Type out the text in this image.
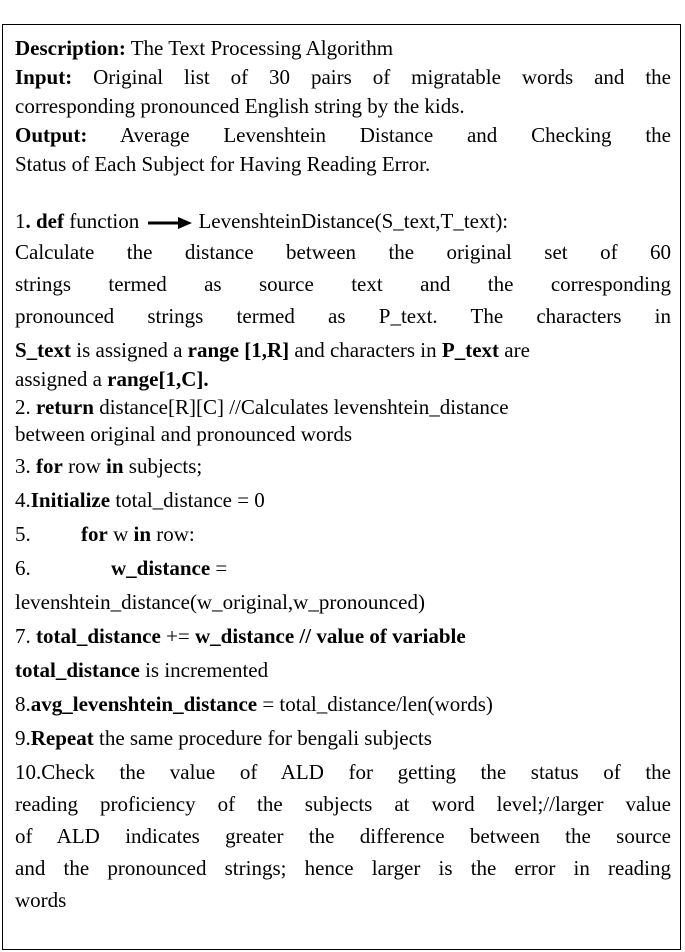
Description: The Text Processing Algorithm
Input: Original list of 30 pairs of migratable words and the
corresponding pronounced English string by the kids.
Output: Average Levenshtein Distance and Checking the
Status of Each Subject for Having Reading Error.
1. def function	LevenshteinDistance(S_text,T_text):
Calculate the distance between the original set of 60
strings termed as source text and the corresponding
pronounced strings termed as P_text. The characters in
S_text is assigned a range [1,R] and characters in P_text are
assigned a range[1,C].
2. return distance[R][C] //Calculates levenshtein_distance
between original and pronounced words
3. for row in subjects;
4.Initialize total_distance = 0
5. for w in row:
6.	w_distance =
levenshtein_distance(w_original,w_pronounced)
7. total_distance += w_distance // value of variable
total_distance is incremented
8.avg_levenshtein_distance = total_distance/len(words)
9.Repeat the same procedure for bengali subjects
10.Check the value of ALD for getting the status of the
reading proficiency of the subjects at word level;//larger value
of ALD indicates greater the difference between the source
and the pronounced strings; hence larger is the error in reading
words
